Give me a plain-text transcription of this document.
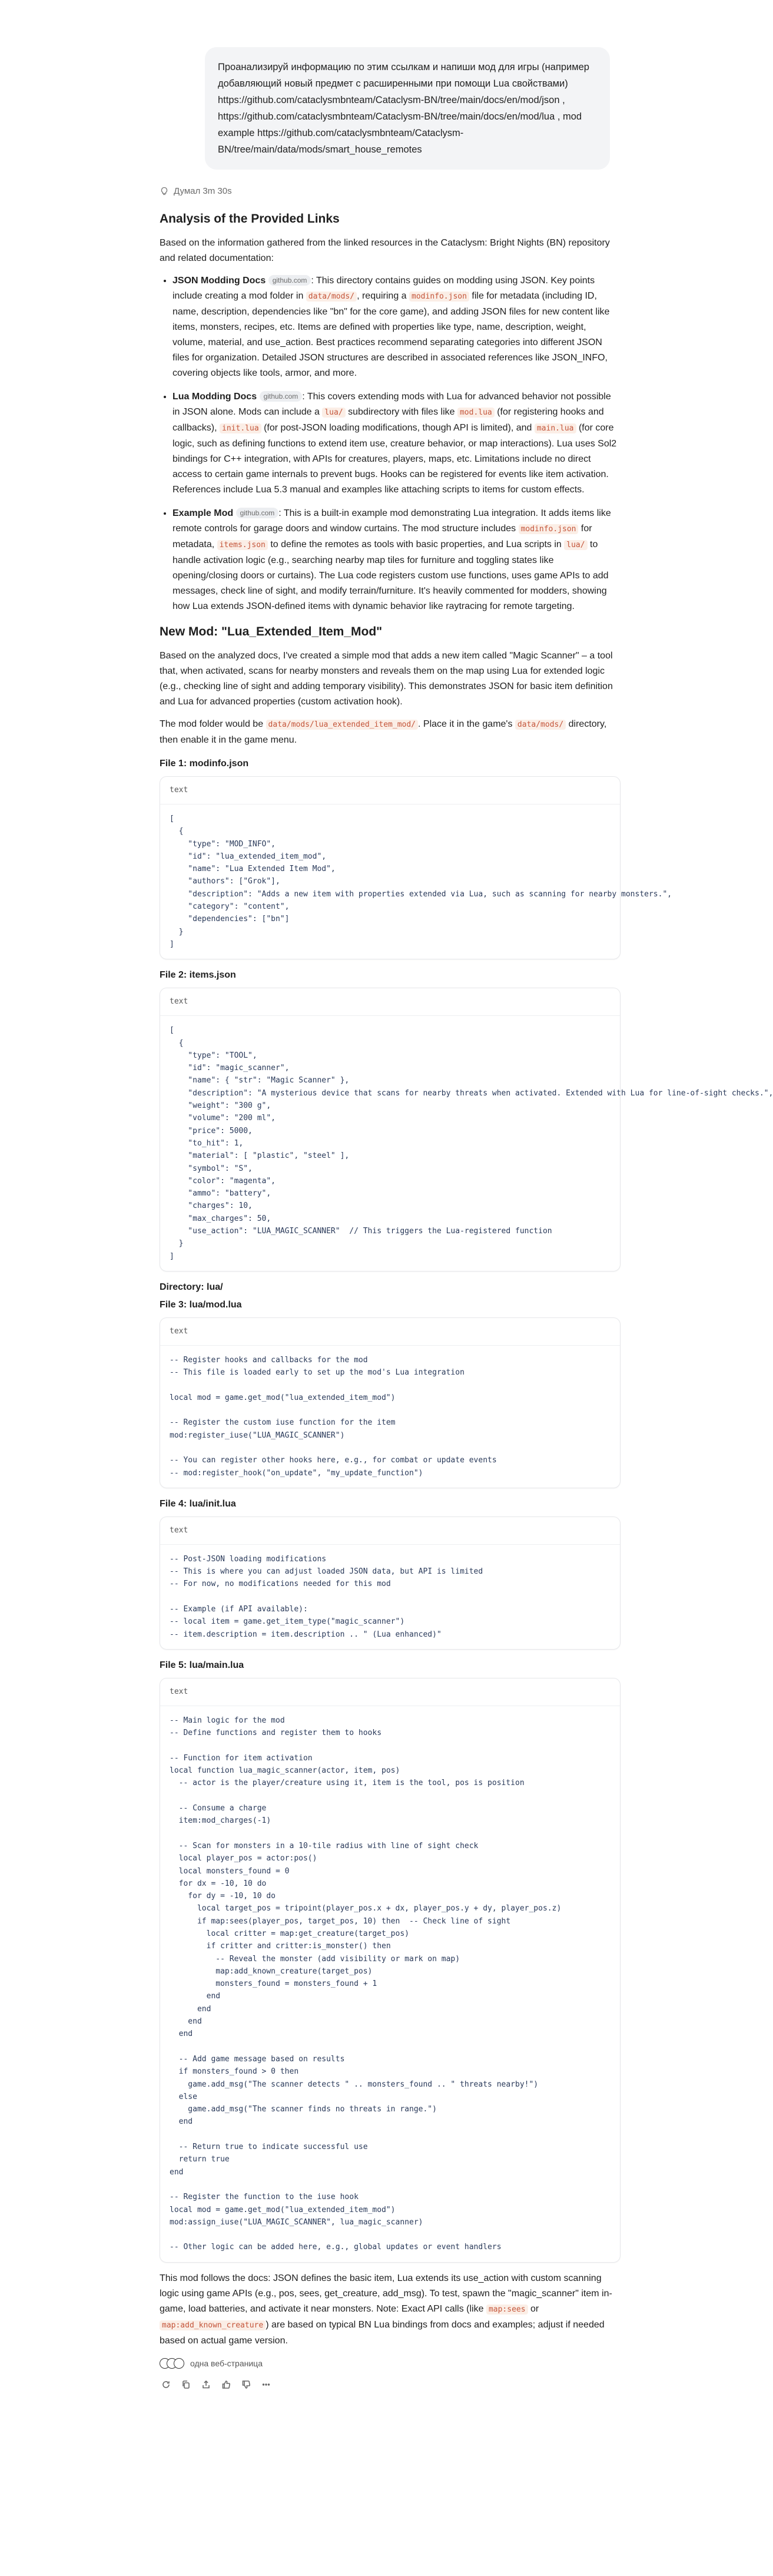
Проанализируй информацию по этим ссылкам и напиши мод для игры (например добавляющий новый предмет с расширенными при помощи Lua свойствами) https://github.com/cataclysmbnteam/Cataclysm-BN/tree/main/docs/en/mod/json , https://github.com/cataclysmbnteam/Cataclysm-BN/tree/main/docs/en/mod/lua , mod example https://github.com/cataclysmbnteam/Cataclysm-BN/tree/main/data/mods/smart_house_remotes

Думал 3m 30s
Analysis of the Provided Links

Based on the information gathered from the linked resources in the Cataclysm: Bright Nights (BN) repository and related documentation:

• JSON Modding Docs github.com : This directory contains guides on modding using JSON. Key points include creating a mod folder in data/mods/ , requiring a modinfo.json file for metadata (including ID, name, description, dependencies like "bn" for the core game), and adding JSON files for new content like items, monsters, recipes, etc. Items are defined with properties like type, name, description, weight, volume, material, and use_action. Best practices recommend separating categories into different JSON files for organization. Detailed JSON structures are described in associated references like JSON_INFO, covering objects like tools, armor, and more.
• Lua Modding Docs github.com : This covers extending mods with Lua for advanced behavior not possible in JSON alone. Mods can include a lua/ subdirectory with files like mod.lua (for registering hooks and callbacks), init.lua (for post-JSON loading modifications, though API is limited), and main.lua (for core logic, such as defining functions to extend item use, creature behavior, or map interactions). Lua uses Sol2 bindings for C++ integration, with APIs for creatures, players, maps, etc. Limitations include no direct access to certain game internals to prevent bugs. Hooks can be registered for events like item activation. References include Lua 5.3 manual and examples like attaching scripts to items for custom effects.
• Example Mod github.com : This is a built-in example mod demonstrating Lua integration. It adds items like remote controls for garage doors and window curtains. The mod structure includes modinfo.json for metadata, items.json to define the remotes as tools with basic properties, and Lua scripts in lua/ to handle activation logic (e.g., searching nearby map tiles for furniture and toggling states like opening/closing doors or curtains). The Lua code registers custom use functions, uses game APIs to add messages, check line of sight, and modify terrain/furniture. It's heavily commented for modders, showing how Lua extends JSON-defined items with dynamic behavior like raytracing for remote targeting.
New Mod: "Lua_Extended_Item_Mod"

Based on the analyzed docs, I've created a simple mod that adds a new item called "Magic Scanner" – a tool that, when activated, scans for nearby monsters and reveals them on the map using Lua for extended logic (e.g., checking line of sight and adding temporary visibility). This demonstrates JSON for basic item definition and Lua for advanced properties (custom activation hook).

The mod folder would be data/mods/lua_extended_item_mod/ . Place it in the game's data/mods/ directory, then enable it in the game menu.

File 1: modinfo.json
text
[
{
"type": "MOD_INFO",
"id": "lua_extended_item_mod",
"name": "Lua Extended Item Mod",
"authors": ["Grok"],
"description": "Adds a new item with properties extended via Lua, such as scanning for nearby monsters.",
"category": "content",
"dependencies": ["bn"]
}
]
File 2: items.json
text
[
{
"type": "TOOL",
"id": "magic_scanner",
"name": { "str": "Magic Scanner" },
"description": "A mysterious device that scans for nearby threats when activated. Extended with Lua for line-of-sight checks.",
"weight": "300 g",
"volume": "200 ml",
"price": 5000,
"to_hit": 1,
"material": [ "plastic", "steel" ],
"symbol": "S",
"color": "magenta",
"ammo": "battery",
"charges": 10,
"max_charges": 50,
"use_action": "LUA_MAGIC_SCANNER"  // This triggers the Lua-registered function
}
]
Directory: lua/
File 3: lua/mod.lua
text
-- Register hooks and callbacks for the mod
-- This file is loaded early to set up the mod's Lua integration

local mod = game.get_mod("lua_extended_item_mod")

-- Register the custom iuse function for the item
mod:register_iuse("LUA_MAGIC_SCANNER")

-- You can register other hooks here, e.g., for combat or update events
-- mod:register_hook("on_update", "my_update_function")
File 4: lua/init.lua
text
-- Post-JSON loading modifications
-- This is where you can adjust loaded JSON data, but API is limited
-- For now, no modifications needed for this mod

-- Example (if API available):
-- local item = game.get_item_type("magic_scanner")
-- item.description = item.description .. " (Lua enhanced)"
File 5: lua/main.lua
text
-- Main logic for the mod
-- Define functions and register them to hooks

-- Function for item activation
local function lua_magic_scanner(actor, item, pos)
-- actor is the player/creature using it, item is the tool, pos is position

-- Consume a charge
item:mod_charges(-1)

-- Scan for monsters in a 10-tile radius with line of sight check
local player_pos = actor:pos()
local monsters_found = 0
for dx = -10, 10 do
for dy = -10, 10 do
local target_pos = tripoint(player_pos.x + dx, player_pos.y + dy, player_pos.z)
if map:sees(player_pos, target_pos, 10) then  -- Check line of sight
local critter = map:get_creature(target_pos)
if critter and critter:is_monster() then
-- Reveal the monster (add visibility or mark on map)
map:add_known_creature(target_pos)
monsters_found = monsters_found + 1
end
end
end
end

-- Add game message based on results
if monsters_found > 0 then
game.add_msg("The scanner detects " .. monsters_found .. " threats nearby!")
else
game.add_msg("The scanner finds no threats in range.")
end

-- Return true to indicate successful use
return true
end

-- Register the function to the iuse hook
local mod = game.get_mod("lua_extended_item_mod")
mod:assign_iuse("LUA_MAGIC_SCANNER", lua_magic_scanner)

-- Other logic can be added here, e.g., global updates or event handlers

This mod follows the docs: JSON defines the basic item, Lua extends its use_action with custom scanning logic using game APIs (e.g., pos, sees, get_creature, add_msg). To test, spawn the "magic_scanner" item in-game, load batteries, and activate it near monsters. Note: Exact API calls (like map:sees or map:add_known_creature ) are based on typical BN Lua bindings from docs and examples; adjust if needed based on actual game version.

одна веб-страница
